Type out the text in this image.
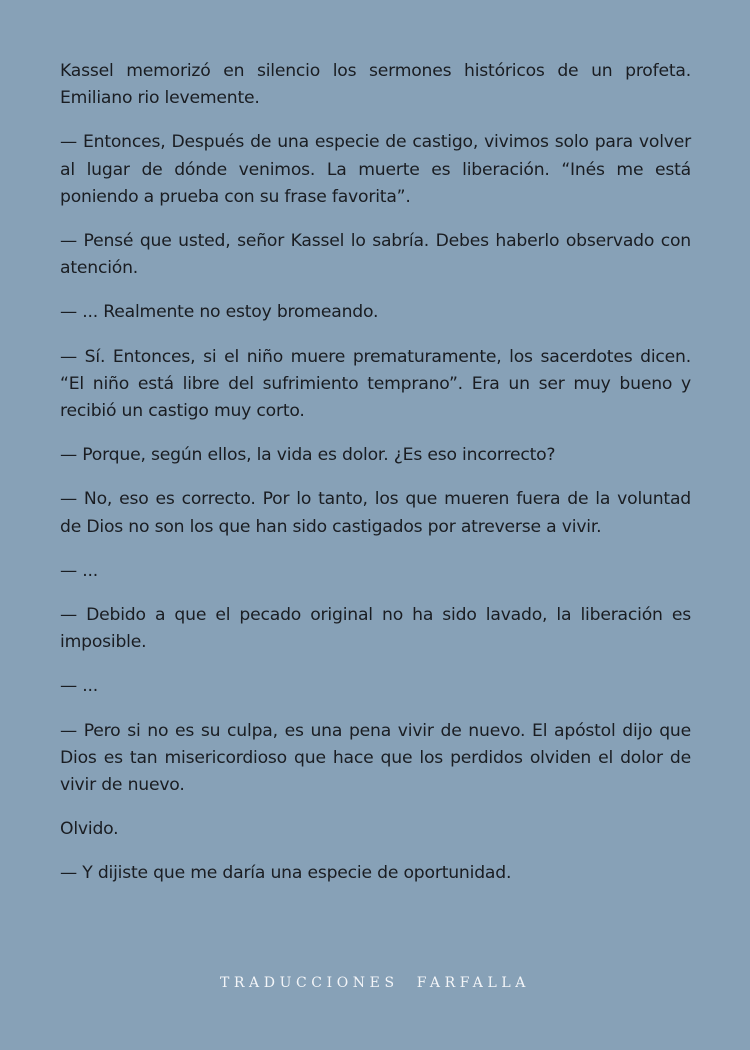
Kassel memorizó en silencio los sermones históricos de un profeta. Emiliano rio levemente.

— Entonces, Después de una especie de castigo, vivimos solo para volver al lugar de dónde venimos. La muerte es liberación. “Inés me está poniendo a prueba con su frase favorita”.

— Pensé que usted, señor Kassel lo sabría. Debes haberlo observado con atención.

— ... Realmente no estoy bromeando.

— Sí. Entonces, si el niño muere prematuramente, los sacerdotes dicen. “El niño está libre del sufrimiento temprano”. Era un ser muy bueno y recibió un castigo muy corto.

— Porque, según ellos, la vida es dolor. ¿Es eso incorrecto?

— No, eso es correcto. Por lo tanto, los que mueren fuera de la voluntad de Dios no son los que han sido castigados por atreverse a vivir.

— ...

— Debido a que el pecado original no ha sido lavado, la liberación es imposible.

— ...

— Pero si no es su culpa, es una pena vivir de nuevo. El apóstol dijo que Dios es tan misericordioso que hace que los perdidos olviden el dolor de vivir de nuevo.

Olvido.

— Y dijiste que me daría una especie de oportunidad.

TRADUCCIONES  FARFALLA
